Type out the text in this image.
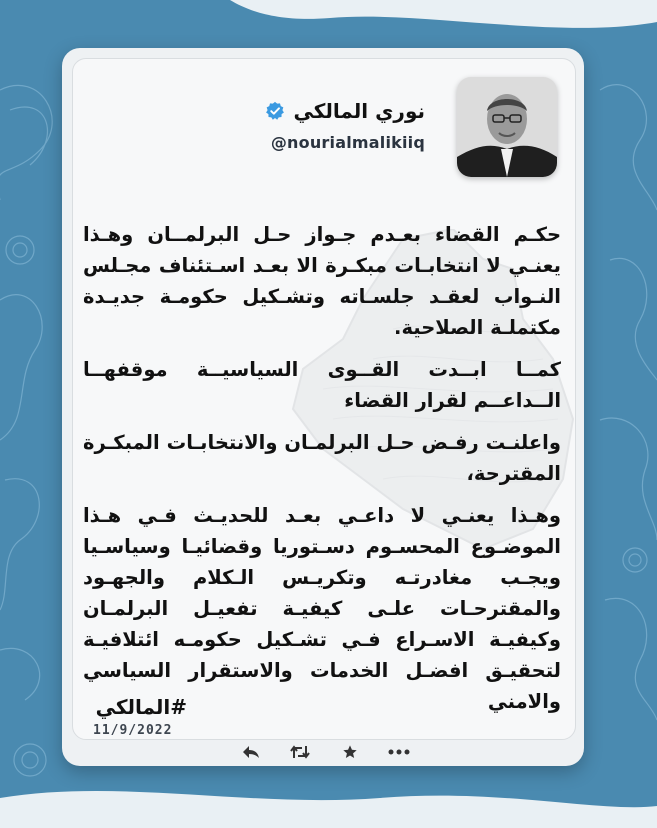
نوري المالكي
@nourialmalikiiq

حكـم القضاء بعـدم جـواز حـل البرلمــان وهـذا يعنـي لا انتخابـات مبكـرة الا بعـد اسـتئناف مجـلس النـواب لعقـد جلسـاته وتشـكيل حكومـة جديـدة مكتملـة الصلاحية.

كمــا ابــدت القــوى السياسيــة موقفهــا الــداعــم لقرار القضاء

واعلنـت رفـض حـل البرلمـان والانتخابـات المبكـرة المقترحة،

وهـذا يعنـي لا داعـي بعـد للحديـث فـي هـذا الموضـوع المحسـوم دسـتوريا وقضائيـا وسياسـيا ويجـب مغادرتـه وتكريـس الـكلام والجهـود والمقترحـات علـى كيفيـة تفعيـل البرلمـان وكيفيـة الاسـراع فـي تشـكيل حكومـه ائتلافيـة لتحقيـق افضـل الخدمات والاستقرار السياسي والامني

#المالكي
11/9/2022
